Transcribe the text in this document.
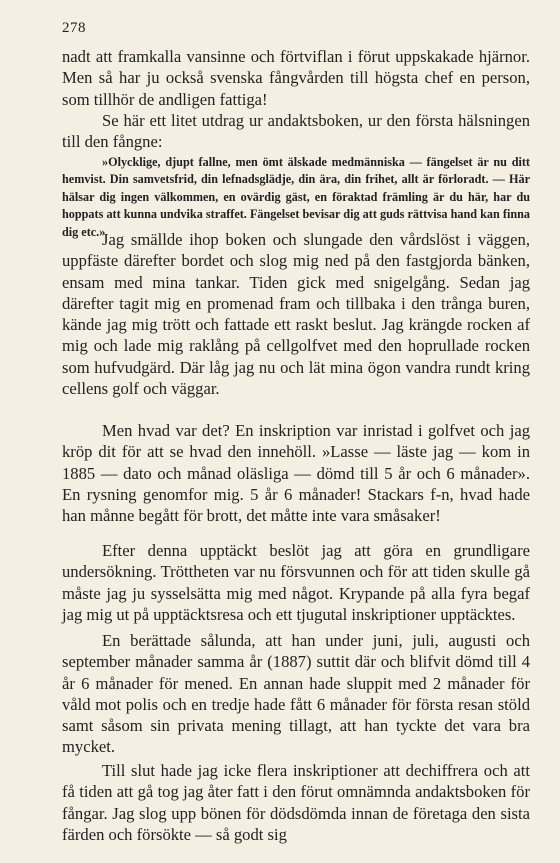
278

nadt att framkalla vansinne och förtviflan i förut uppskakade hjärnor. Men så har ju också svenska fångvården till högsta chef en person, som tillhör de andligen fattiga!

Se här ett litet utdrag ur andaktsboken, ur den första hälsningen till den fångne:

»Olycklige, djupt fallne, men ömt älskade medmänniska — fängelset är nu ditt hemvist. Din samvetsfrid, din lefnadsglädje, din ära, din frihet, allt är förloradt. — Här hälsar dig ingen välkommen, en ovärdig gäst, en föraktad främling är du här, har du hoppats att kunna undvika straffet. Fängelset bevisar dig att guds rättvisa hand kan finna dig etc.»

Jag smällde ihop boken och slungade den vårdslöst i väggen, uppfäste därefter bordet och slog mig ned på den fastgjorda bänken, ensam med mina tankar. Tiden gick med snigelgång. Sedan jag därefter tagit mig en promenad fram och tillbaka i den trånga buren, kände jag mig trött och fattade ett raskt beslut. Jag krängde rocken af mig och lade mig raklång på cellgolfvet med den hoprullade rocken som hufvudgärd. Där låg jag nu och lät mina ögon vandra rundt kring cellens golf och väggar.

Men hvad var det? En inskription var inristad i golfvet och jag kröp dit för att se hvad den innehöll. »Lasse — läste jag — kom in 1885 — dato och månad oläsliga — dömd till 5 år och 6 månader». En rysning genomfor mig. 5 år 6 månader! Stackars f-n, hvad hade han månne begått för brott, det måtte inte vara småsaker!

Efter denna upptäckt beslöt jag att göra en grundligare undersökning. Tröttheten var nu försvunnen och för att tiden skulle gå måste jag ju sysselsätta mig med något. Krypande på alla fyra begaf jag mig ut på upptäcktsresa och ett tjugutal inskriptioner upptäcktes.

En berättade sålunda, att han under juni, juli, augusti och september månader samma år (1887) suttit där och blifvit dömd till 4 år 6 månader för mened. En annan hade sluppit med 2 månader för våld mot polis och en tredje hade fått 6 månader för första resan stöld samt såsom sin privata mening tillagt, att han tyckte det vara bra mycket.

Till slut hade jag icke flera inskriptioner att dechiffrera och att få tiden att gå tog jag åter fatt i den förut omnämnda andaktsboken för fångar. Jag slog upp bönen för dödsdömda innan de företaga den sista färden och försökte — så godt sig
